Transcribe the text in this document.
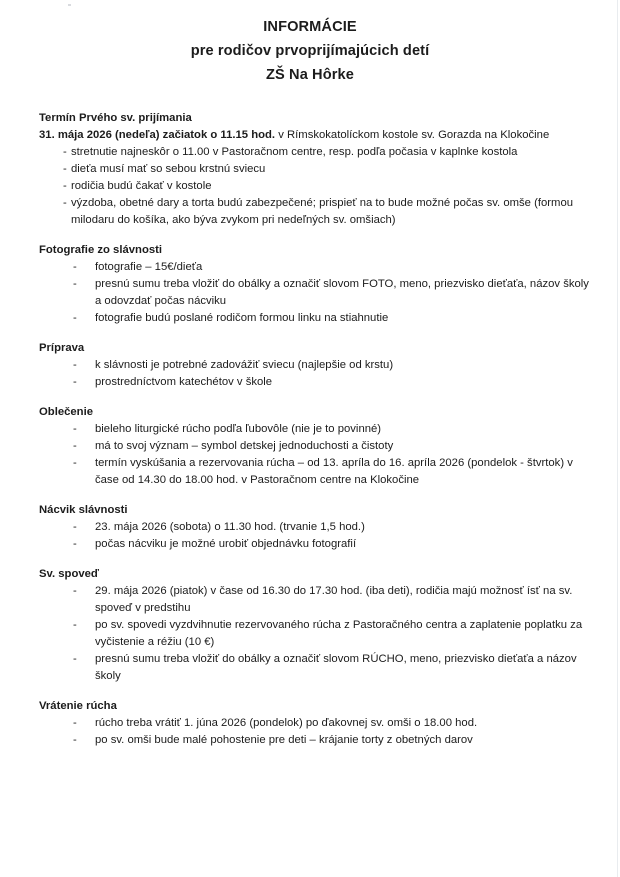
INFORMÁCIE
pre rodičov prvoprijímajúcich detí
ZŠ Na Hôrke
Termín Prvého sv. prijímania
31. mája 2026 (nedeľa) začiatok o 11.15 hod. v Rímskokatolíckom kostole sv. Gorazda na Klokočine
- stretnutie najneskôr o 11.00 v Pastoračnom centre, resp. podľa počasia v kaplnke kostola
- dieťa musí mať so sebou krstnú sviecu
- rodičia budú čakať v kostole
- výzdoba, obetné dary a torta budú zabezpečené; prispieť na to bude možné počas sv. omše (formou milodaru do košíka, ako býva zvykom pri nedeľných sv. omšiach)
Fotografie zo slávnosti
-	fotografie – 15€/dieťa
-	presnú sumu treba vložiť do obálky a označiť slovom FOTO, meno, priezvisko dieťaťa, názov školy a odovzdať počas nácviku
-	fotografie budú poslané rodičom formou linku na stiahnutie
Príprava
-	k slávnosti je potrebné zadovážiť sviecu (najlepšie od krstu)
-	prostredníctvom katechétov v škole
Oblečenie
-	bieleho liturgické rúcho podľa ľubovôle (nie je to povinné)
-	má to svoj význam – symbol detskej jednoduchosti a čistoty
-	termín vyskúšania a rezervovania rúcha – od 13. apríla do 16. apríla 2026 (pondelok - štvrtok) v čase od 14.30 do 18.00 hod. v Pastoračnom centre na Klokočine
Nácvik slávnosti
-	23. mája 2026 (sobota) o 11.30 hod. (trvanie 1,5 hod.)
-	počas nácviku je možné urobiť objednávku fotografií
Sv. spoveď
-	29. mája 2026 (piatok) v čase od 16.30 do 17.30 hod. (iba deti), rodičia majú možnosť ísť na sv. spoveď v predstihu
-	po sv. spovedi vyzdvihnutie rezervovaného rúcha z Pastoračného centra a zaplatenie poplatku za vyčistenie a réžiu (10 €)
-	presnú sumu treba vložiť do obálky a označiť slovom RÚCHO, meno, priezvisko dieťaťa a názov školy
Vrátenie rúcha
-	rúcho treba vrátiť 1. júna 2026 (pondelok) po ďakovnej sv. omši o 18.00 hod.
-	po sv. omši bude malé pohostenie pre deti – krájanie torty z obetných darov
